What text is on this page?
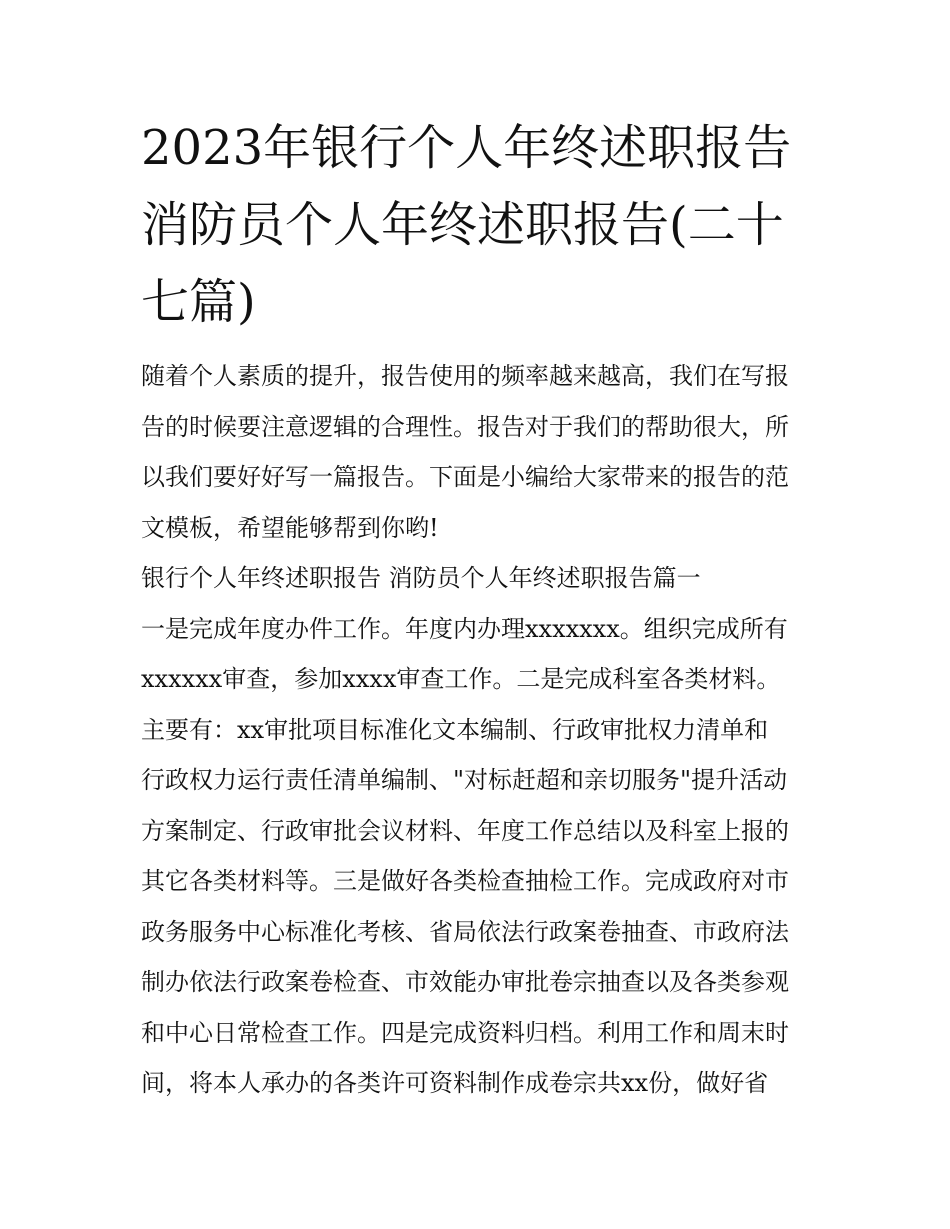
2023年银行个人年终述职报告
消防员个人年终述职报告(二十
七篇)
随着个人素质的提升，报告使用的频率越来越高，我们在写报
告的时候要注意逻辑的合理性。报告对于我们的帮助很大，所
以我们要好好写一篇报告。下面是小编给大家带来的报告的范
文模板，希望能够帮到你哟!
银行个人年终述职报告 消防员个人年终述职报告篇一
一是完成年度办件工作。年度内办理xxxxxxx。组织完成所有
xxxxxx审查，参加xxxx审查工作。二是完成科室各类材料。
主要有：xx审批项目标准化文本编制、行政审批权力清单和
行政权力运行责任清单编制、"对标赶超和亲切服务"提升活动
方案制定、行政审批会议材料、年度工作总结以及科室上报的
其它各类材料等。三是做好各类检查抽检工作。完成政府对市
政务服务中心标准化考核、省局依法行政案卷抽查、市政府法
制办依法行政案卷检查、市效能办审批卷宗抽查以及各类参观
和中心日常检查工作。四是完成资料归档。利用工作和周末时
间，将本人承办的各类许可资料制作成卷宗共xx份，做好省
